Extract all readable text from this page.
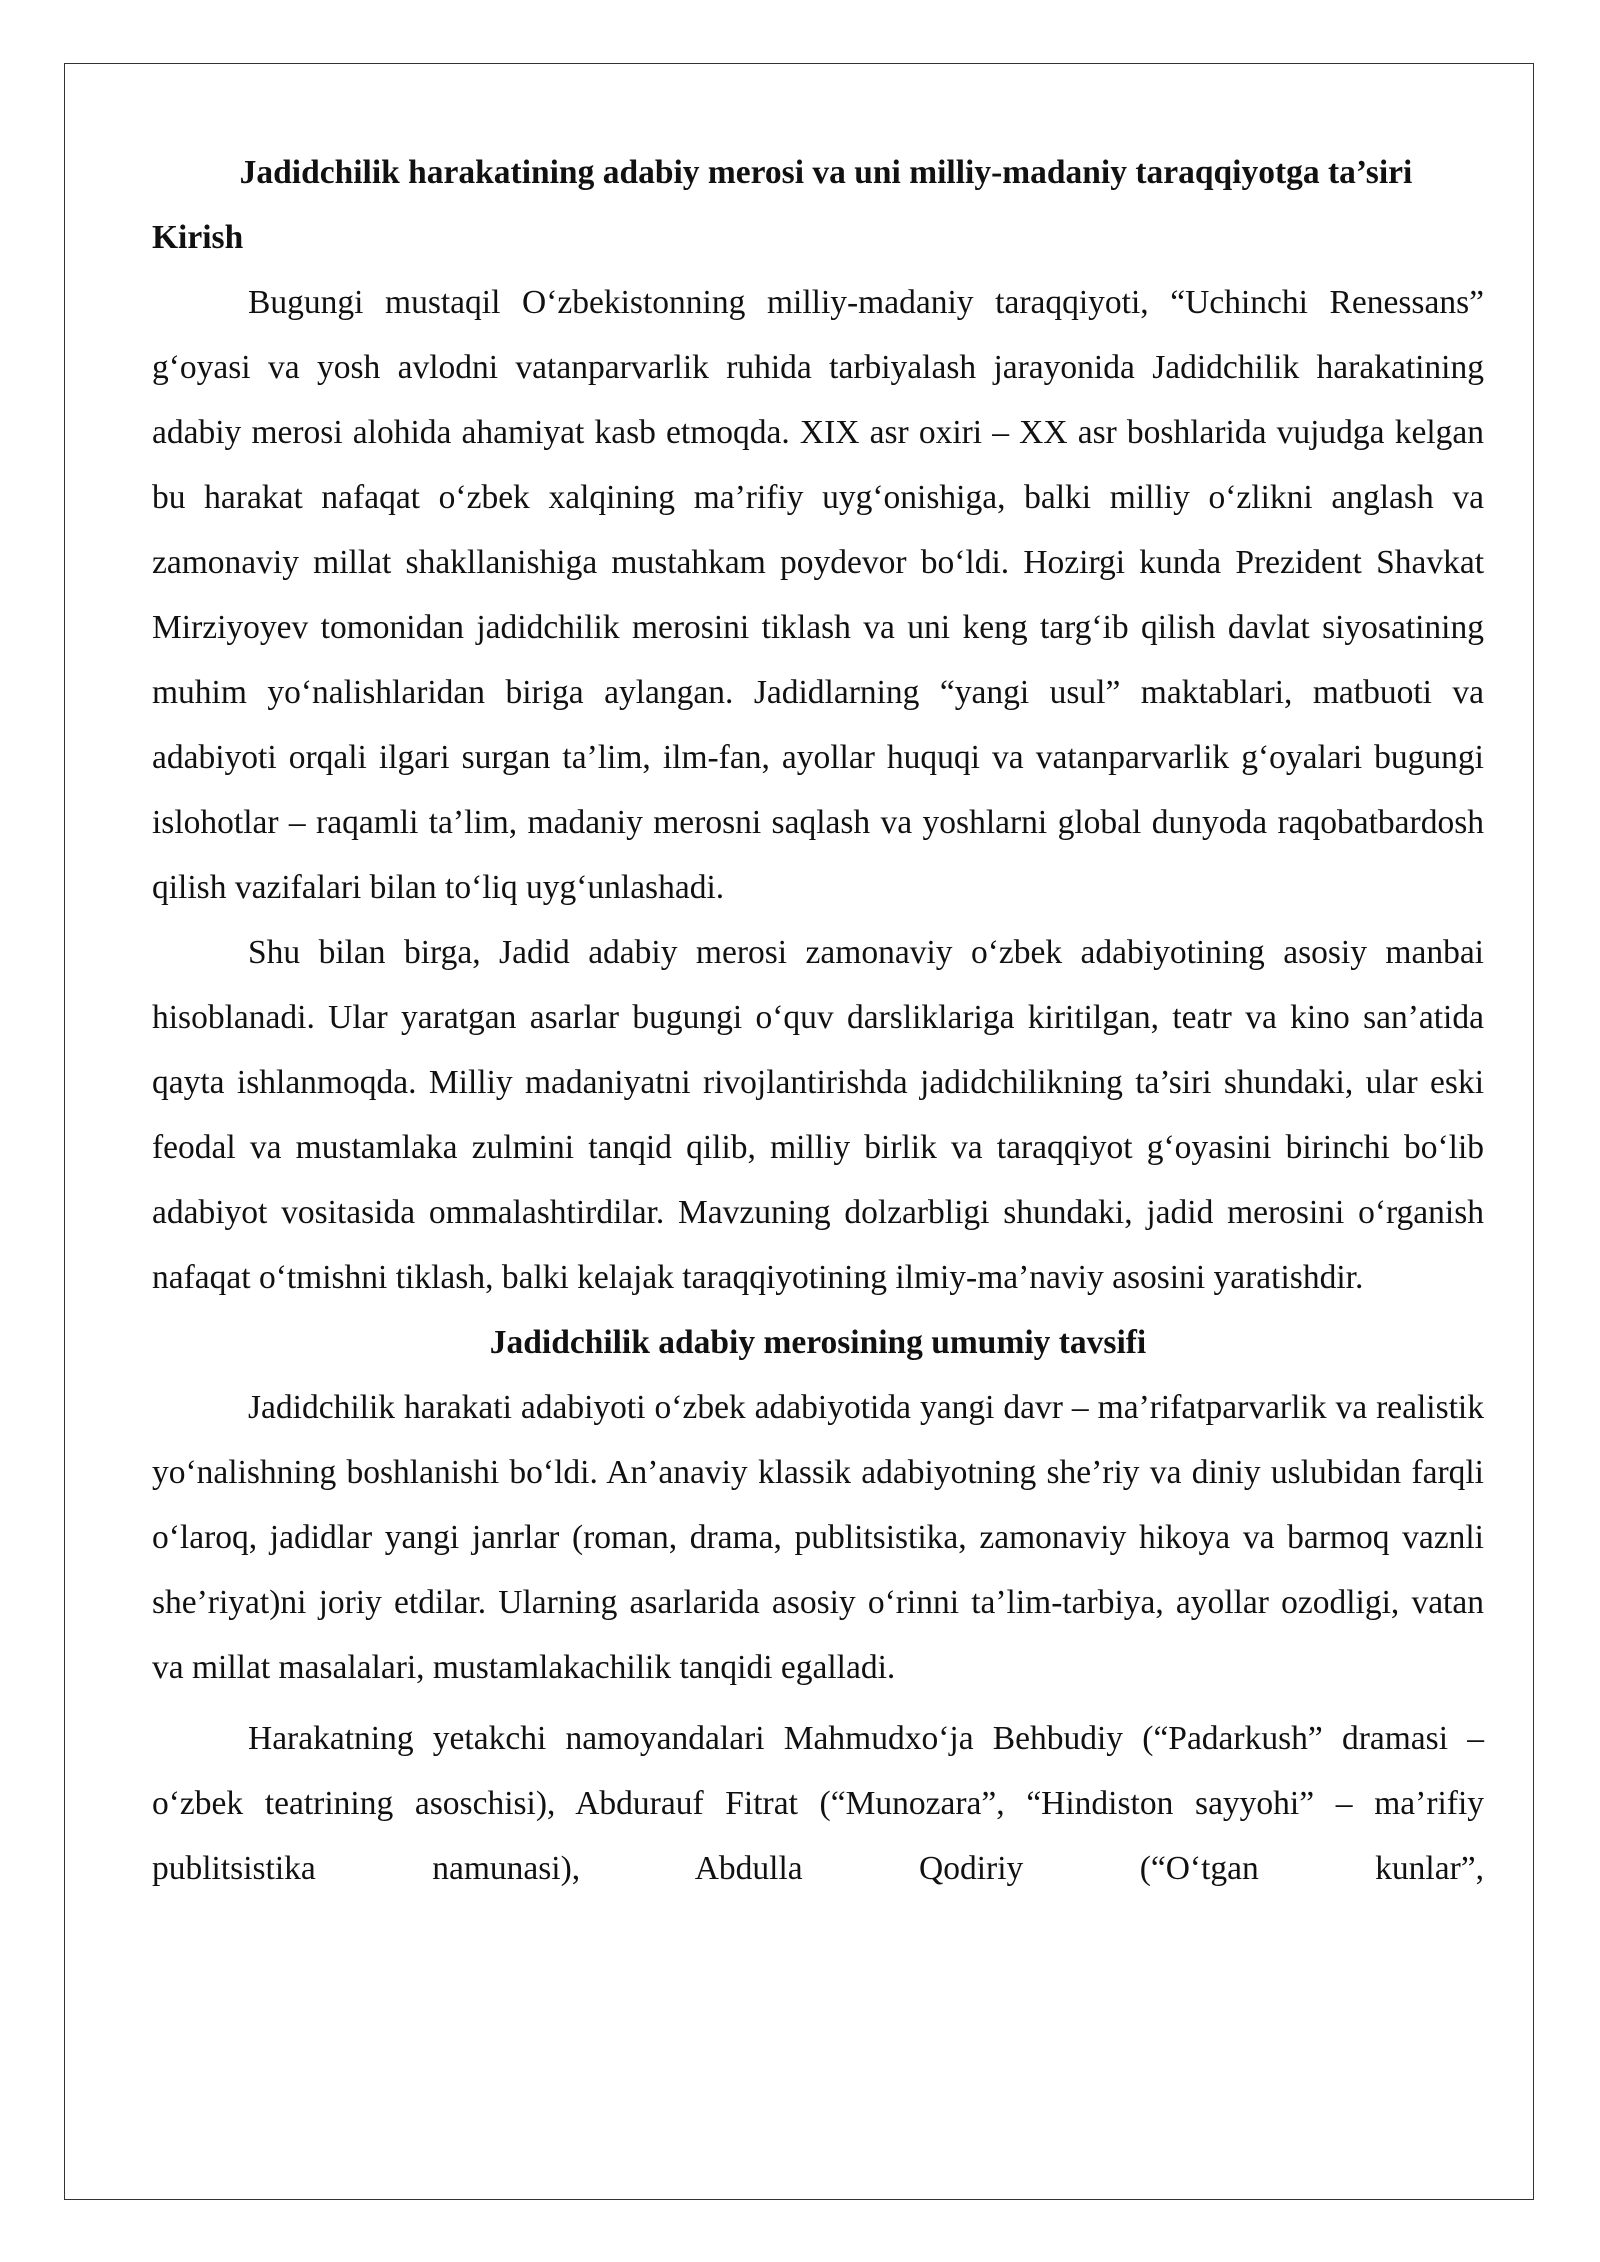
Jadidchilik harakatining adabiy merosi va uni milliy-madaniy taraqqiyotga ta’siri

Kirish

Bugungi mustaqil O‘zbekistonning milliy-madaniy taraqqiyoti, “Uchinchi Renessans” g‘oyasi va yosh avlodni vatanparvarlik ruhida tarbiyalash jarayonida Jadidchilik harakatining adabiy merosi alohida ahamiyat kasb etmoqda. XIX asr oxiri – XX asr boshlarida vujudga kelgan bu harakat nafaqat o‘zbek xalqining ma’rifiy uyg‘onishiga, balki milliy o‘zlikni anglash va zamonaviy millat shakllanishiga mustahkam poydevor bo‘ldi. Hozirgi kunda Prezident Shavkat Mirziyoyev tomonidan jadidchilik merosini tiklash va uni keng targ‘ib qilish davlat siyosatining muhim yo‘nalishlaridan biriga aylangan. Jadidlarning “yangi usul” maktablari, matbuoti va adabiyoti orqali ilgari surgan ta’lim, ilm-fan, ayollar huquqi va vatanparvarlik g‘oyalari bugungi islohotlar – raqamli ta’lim, madaniy merosni saqlash va yoshlarni global dunyoda raqobatbardosh qilish vazifalari bilan to‘liq uyg‘unlashadi.

Shu bilan birga, Jadid adabiy merosi zamonaviy o‘zbek adabiyotining asosiy manbai hisoblanadi. Ular yaratgan asarlar bugungi o‘quv darsliklariga kiritilgan, teatr va kino san’atida qayta ishlanmoqda. Milliy madaniyatni rivojlantirishda jadidchilikning ta’siri shundaki, ular eski feodal va mustamlaka zulmini tanqid qilib, milliy birlik va taraqqiyot g‘oyasini birinchi bo‘lib adabiyot vositasida ommalashtirdilar. Mavzuning dolzarbligi shundaki, jadid merosini o‘rganish nafaqat o‘tmishni tiklash, balki kelajak taraqqiyotining ilmiy-ma’naviy asosini yaratishdir.

Jadidchilik adabiy merosining umumiy tavsifi

Jadidchilik harakati adabiyoti o‘zbek adabiyotida yangi davr – ma’rifatparvarlik va realistik yo‘nalishning boshlanishi bo‘ldi. An’anaviy klassik adabiyotning she’riy va diniy uslubidan farqli o‘laroq, jadidlar yangi janrlar (roman, drama, publitsistika, zamonaviy hikoya va barmoq vaznli she’riyat)ni joriy etdilar. Ularning asarlarida asosiy o‘rinni ta’lim-tarbiya, ayollar ozodligi, vatan va millat masalalari, mustamlakachilik tanqidi egalladi.

Harakatning yetakchi namoyandalari Mahmudxo‘ja Behbudiy (“Padarkush” dramasi – o‘zbek teatrining asoschisi), Abdurauf Fitrat (“Munozara”, “Hindiston sayyohi” – ma’rifiy publitsistika namunasi), Abdulla Qodiriy (“O‘tgan kunlar”,
